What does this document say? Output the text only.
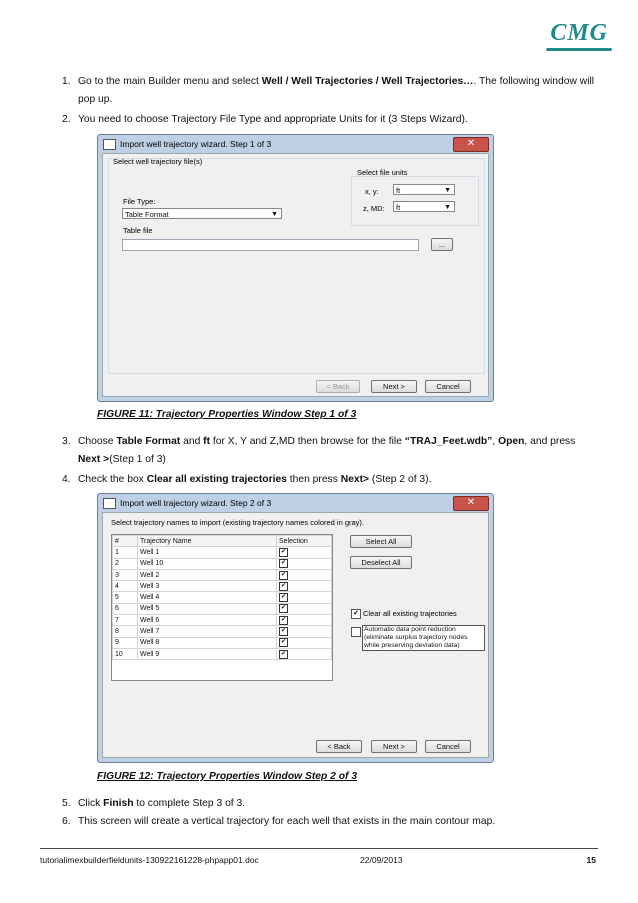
CMG
1. Go to the main Builder menu and select Well / Well Trajectories / Well Trajectories…. The following window will pop up.
2. You need to choose Trajectory File Type and appropriate Units for it (3 Steps Wizard).
Import well trajectory wizard. Step 1 of 3	✕
Select well trajectory file(s)
Select file units
x, y:	ft	▼
z, MD:	ft	▼
File Type:
Table Format	▼
Table file
...
< Back	Next >	Cancel
FIGURE 11: Trajectory Properties Window Step 1 of 3
3. Choose Table Format and ft for X, Y and Z,MD then browse for the file “TRAJ_Feet.wdb”, Open, and press Next >(Step 1 of 3)
4. Check the box Clear all existing trajectories then press Next> (Step 2 of 3).
Import well trajectory wizard. Step 2 of 3	✕
Select trajectory names to import (existing trajectory names colored in gray).
#	Trajectory Name	Selection
1	Well 1	✔
2	Well 10	✔
3	Well 2	✔
4	Well 3	✔
5	Well 4	✔
6	Well 5	✔
7	Well 6	✔
8	Well 7	✔
9	Well 8	✔
10	Well 9	✔
Select All
Deselect All
✔ Clear all existing trajectories
Automatic data point reduction
(eliminate surplus trajectory nodes
while preserving deviation data)
< Back	Next >	Cancel
FIGURE 12: Trajectory Properties Window Step 2 of 3
5. Click Finish to complete Step 3 of 3.
6. This screen will create a vertical trajectory for each well that exists in the main contour map.
tutorialimexbuilderfieldunits-130922161228-phpapp01.doc	22/09/2013	15
